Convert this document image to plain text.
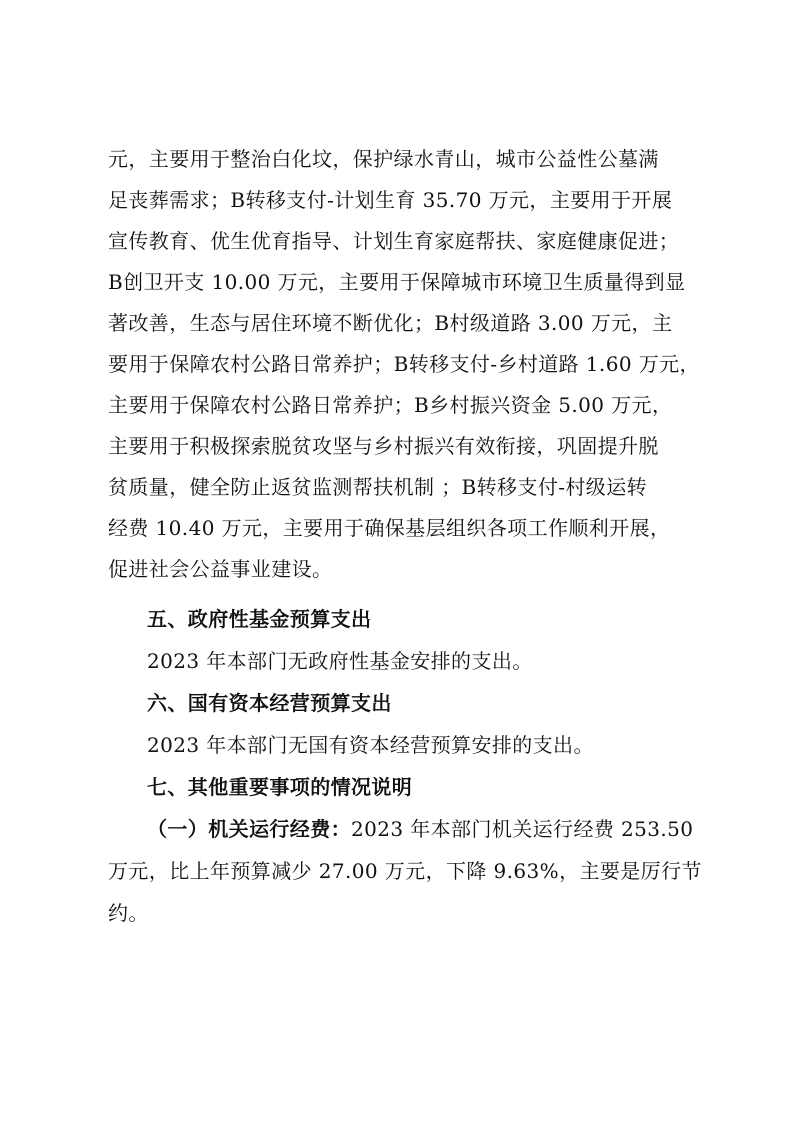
元，主要用于整治白化坟，保护绿水青山，城市公益性公墓满
足丧葬需求；B转移支付-计划生育 35.70 万元，主要用于开展
宣传教育、优生优育指导、计划生育家庭帮扶、家庭健康促进；
B创卫开支 10.00 万元，主要用于保障城市环境卫生质量得到显
著改善，生态与居住环境不断优化；B村级道路 3.00 万元，主
要用于保障农村公路日常养护；B转移支付-乡村道路 1.60 万元，
主要用于保障农村公路日常养护；B乡村振兴资金 5.00 万元，
主要用于积极探索脱贫攻坚与乡村振兴有效衔接，巩固提升脱
贫质量，健全防止返贫监测帮扶机制 ；B转移支付-村级运转
经费 10.40 万元，主要用于确保基层组织各项工作顺利开展，
促进社会公益事业建设。
五、政府性基金预算支出
2023 年本部门无政府性基金安排的支出。
六、国有资本经营预算支出
2023 年本部门无国有资本经营预算安排的支出。
七、其他重要事项的情况说明
（一）机关运行经费：2023 年本部门机关运行经费 253.50
万元，比上年预算减少 27.00 万元，下降 9.63%，主要是厉行节
约。
